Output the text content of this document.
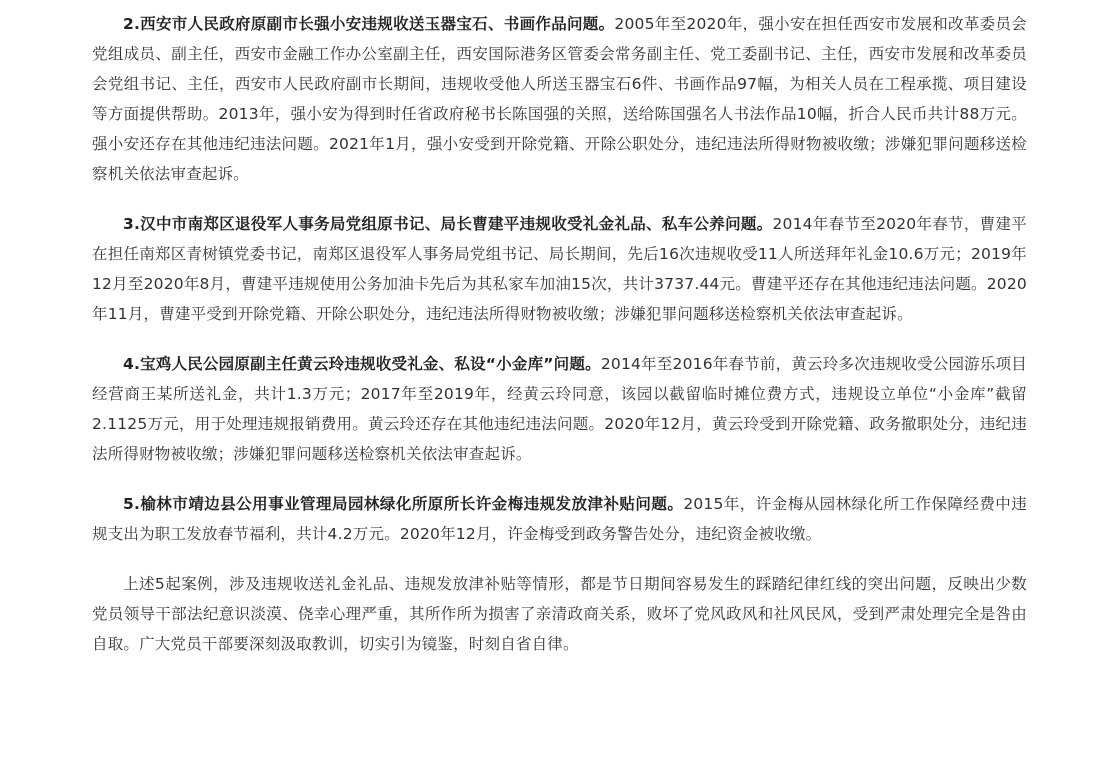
2.西安市人民政府原副市长强小安违规收送玉器宝石、书画作品问题。2005年至2020年，强小安在担任西安市发展和改革委员会党组成员、副主任，西安市金融工作办公室副主任，西安国际港务区管委会常务副主任、党工委副书记、主任，西安市发展和改革委员会党组书记、主任，西安市人民政府副市长期间，违规收受他人所送玉器宝石6件、书画作品97幅，为相关人员在工程承揽、项目建设等方面提供帮助。2013年，强小安为得到时任省政府秘书长陈国强的关照，送给陈国强名人书法作品10幅，折合人民币共计88万元。强小安还存在其他违纪违法问题。2021年1月，强小安受到开除党籍、开除公职处分，违纪违法所得财物被收缴；涉嫌犯罪问题移送检察机关依法审查起诉。

3.汉中市南郑区退役军人事务局党组原书记、局长曹建平违规收受礼金礼品、私车公养问题。2014年春节至2020年春节，曹建平在担任南郑区青树镇党委书记，南郑区退役军人事务局党组书记、局长期间，先后16次违规收受11人所送拜年礼金10.6万元；2019年12月至2020年8月，曹建平违规使用公务加油卡先后为其私家车加油15次，共计3737.44元。曹建平还存在其他违纪违法问题。2020年11月，曹建平受到开除党籍、开除公职处分，违纪违法所得财物被收缴；涉嫌犯罪问题移送检察机关依法审查起诉。

4.宝鸡人民公园原副主任黄云玲违规收受礼金、私设“小金库”问题。2014年至2016年春节前，黄云玲多次违规收受公园游乐项目经营商王某所送礼金，共计1.3万元；2017年至2019年，经黄云玲同意，该园以截留临时摊位费方式，违规设立单位“小金库”截留2.1125万元，用于处理违规报销费用。黄云玲还存在其他违纪违法问题。2020年12月，黄云玲受到开除党籍、政务撤职处分，违纪违法所得财物被收缴；涉嫌犯罪问题移送检察机关依法审查起诉。

5.榆林市靖边县公用事业管理局园林绿化所原所长许金梅违规发放津补贴问题。2015年，许金梅从园林绿化所工作保障经费中违规支出为职工发放春节福利，共计4.2万元。2020年12月，许金梅受到政务警告处分，违纪资金被收缴。

上述5起案例，涉及违规收送礼金礼品、违规发放津补贴等情形，都是节日期间容易发生的踩踏纪律红线的突出问题，反映出少数党员领导干部法纪意识淡漠、侥幸心理严重，其所作所为损害了亲清政商关系，败坏了党风政风和社风民风，受到严肃处理完全是咎由自取。广大党员干部要深刻汲取教训，切实引为镜鉴，时刻自省自律。
